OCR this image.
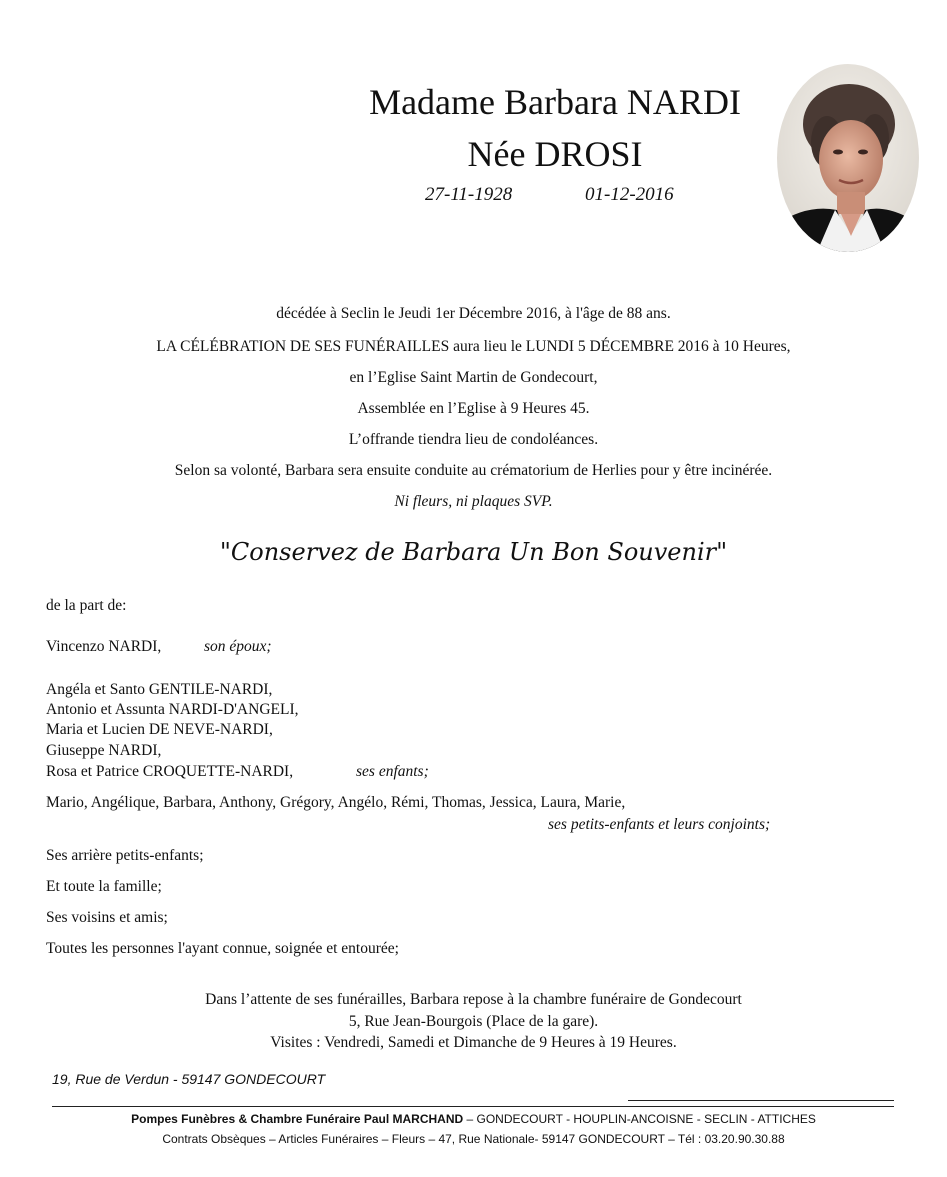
Madame Barbara NARDI
Née DROSI
27-11-1928	01-12-2016
décédée à Seclin le Jeudi 1er Décembre 2016, à l'âge de 88 ans.
LA CÉLÉBRATION DE SES FUNÉRAILLES aura lieu le LUNDI 5 DÉCEMBRE 2016 à 10 Heures,
en l’Eglise Saint Martin de Gondecourt,
Assemblée en l’Eglise à 9 Heures 45.
L’offrande tiendra lieu de condoléances.
Selon sa volonté, Barbara sera ensuite conduite au crématorium de Herlies pour y être incinérée.
Ni fleurs, ni plaques SVP.
"Conservez de Barbara Un Bon Souvenir"
de la part de:
Vincenzo NARDI,	son époux;
Angéla et Santo GENTILE-NARDI,
Antonio et Assunta NARDI-D'ANGELI,
Maria et Lucien DE NEVE-NARDI,
Giuseppe NARDI,
Rosa et Patrice CROQUETTE-NARDI,	ses enfants;
Mario, Angélique, Barbara, Anthony, Grégory, Angélo, Rémi, Thomas, Jessica, Laura, Marie,
ses petits-enfants et leurs conjoints;
Ses arrière petits-enfants;
Et toute la famille;
Ses voisins et amis;
Toutes les personnes l'ayant connue, soignée et entourée;
Dans l’attente de ses funérailles, Barbara repose à la chambre funéraire de Gondecourt
5, Rue Jean-Bourgois (Place de la gare).
Visites : Vendredi, Samedi et Dimanche de 9 Heures à 19 Heures.
19, Rue de Verdun - 59147 GONDECOURT
Pompes Funèbres & Chambre Funéraire Paul MARCHAND – GONDECOURT - HOUPLIN-ANCOISNE - SECLIN - ATTICHES
Contrats Obsèques – Articles Funéraires – Fleurs – 47, Rue Nationale- 59147 GONDECOURT – Tél : 03.20.90.30.88
